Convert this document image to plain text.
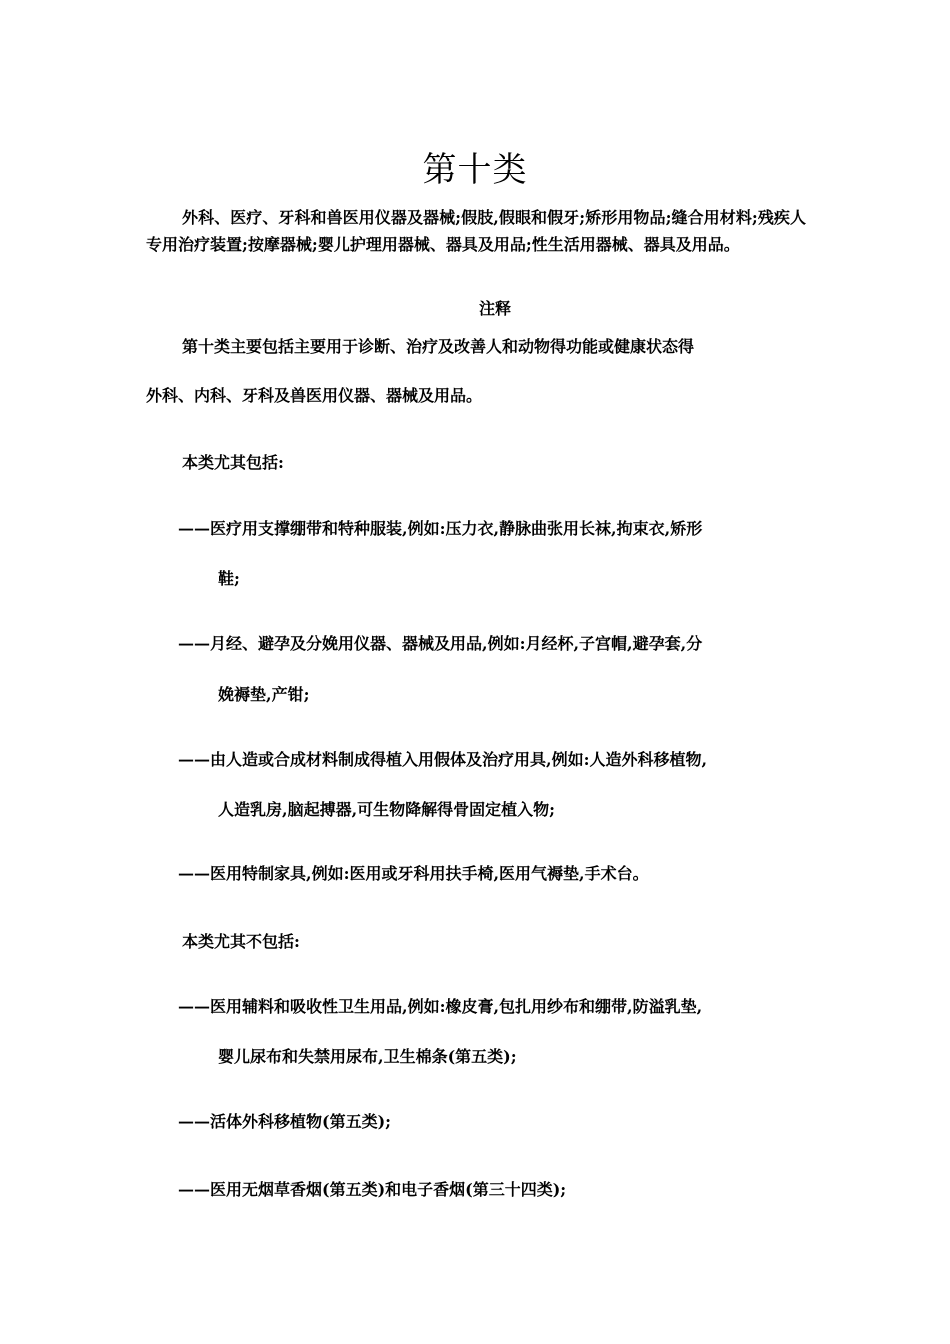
第十类
外科、医疗、牙科和兽医用仪器及器械;假肢,假眼和假牙;矫形用物品;缝合用材料;残疾人专用治疗装置;按摩器械;婴儿护理用器械、器具及用品;性生活用器械、器具及用品。
注释
第十类主要包括主要用于诊断、治疗及改善人和动物得功能或健康状态得
外科、内科、牙科及兽医用仪器、器械及用品。
本类尤其包括:
——医疗用支撑绷带和特种服装,例如:压力衣,静脉曲张用长袜,拘束衣,矫形
鞋;
——月经、避孕及分娩用仪器、器械及用品,例如:月经杯,子宫帽,避孕套,分
娩褥垫,产钳;
——由人造或合成材料制成得植入用假体及治疗用具,例如:人造外科移植物,
人造乳房,脑起搏器,可生物降解得骨固定植入物;
——医用特制家具,例如:医用或牙科用扶手椅,医用气褥垫,手术台。
本类尤其不包括:
——医用辅料和吸收性卫生用品,例如:橡皮膏,包扎用纱布和绷带,防溢乳垫,
婴儿尿布和失禁用尿布,卫生棉条(第五类);
——活体外科移植物(第五类);
——医用无烟草香烟(第五类)和电子香烟(第三十四类);
